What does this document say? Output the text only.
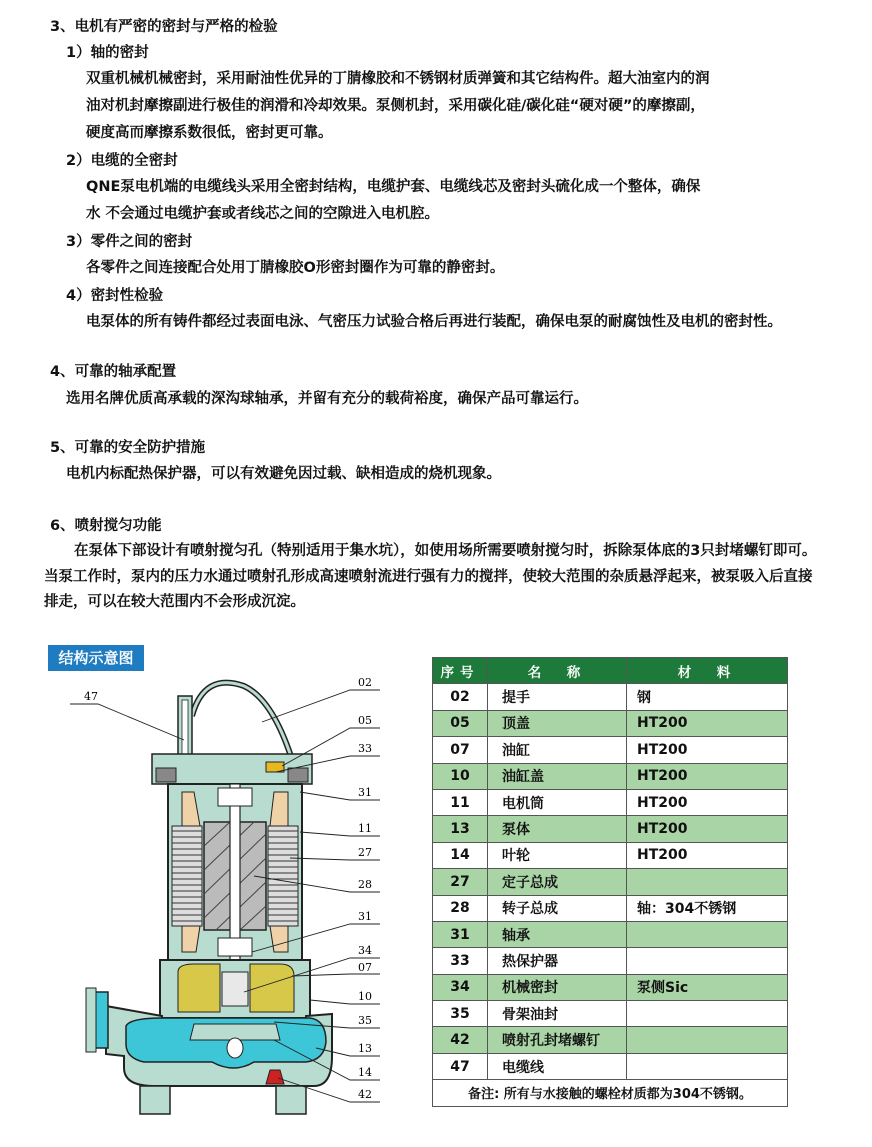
3、电机有严密的密封与严格的检验
1）轴的密封
双重机械机械密封，采用耐油性优异的丁腈橡胶和不锈钢材质弹簧和其它结构件。超大油室内的润
油对机封摩擦副进行极佳的润滑和冷却效果。泵侧机封，采用碳化硅/碳化硅“硬对硬”的摩擦副，
硬度高而摩擦系数很低，密封更可靠。
2）电缆的全密封
QNE泵电机端的电缆线头采用全密封结构，电缆护套、电缆线芯及密封头硫化成一个整体，确保
水 不会通过电缆护套或者线芯之间的空隙进入电机腔。
3）零件之间的密封
各零件之间连接配合处用丁腈橡胶O形密封圈作为可靠的静密封。
4）密封性检验
电泵体的所有铸件都经过表面电泳、气密压力试验合格后再进行装配，确保电泵的耐腐蚀性及电机的密封性。
4、可靠的轴承配置
选用名牌优质高承载的深沟球轴承，并留有充分的载荷裕度，确保产品可靠运行。
5、可靠的安全防护措施
电机内标配热保护器，可以有效避免因过载、缺相造成的烧机现象。
6、喷射搅匀功能
在泵体下部设计有喷射搅匀孔（特别适用于集水坑），如使用场所需要喷射搅匀时，拆除泵体底的3只封堵螺钉即可。当泵工作时，泵内的压力水通过喷射孔形成高速喷射流进行强有力的搅拌，使较大范围的杂质悬浮起来，被泵吸入后直接排走，可以在较大范围内不会形成沉淀。
结构示意图
47
02
05
33
31
11
27
28
31
34
07
10
35
13
14
42
序号	名　称	材　料
02	提手	钢
05	顶盖	HT200
07	油缸	HT200
10	油缸盖	HT200
11	电机筒	HT200
13	泵体	HT200
14	叶轮	HT200
27	定子总成	
28	转子总成	轴：304不锈钢
31	轴承	
33	热保护器	
34	机械密封	泵侧Sic
35	骨架油封	
42	喷射孔封堵螺钉	
47	电缆线	
备注: 所有与水接触的螺栓材质都为304不锈钢。		
